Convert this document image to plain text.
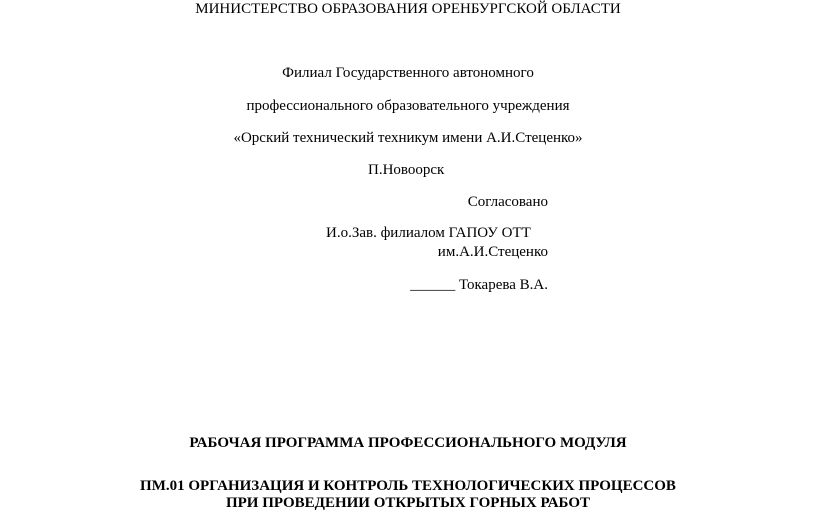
МИНИСТЕРСТВО ОБРАЗОВАНИЯ ОРЕНБУРГСКОЙ ОБЛАСТИ
Филиал Государственного автономного
профессионального образовательного учреждения
«Орский технический техникум имени А.И.Стеценко»
П.Новоорск
Согласовано
И.о.Зав. филиалом ГАПОУ ОТТ
им.А.И.Стеценко
______ Токарева В.А.
РАБОЧАЯ ПРОГРАММА ПРОФЕССИОНАЛЬНОГО МОДУЛЯ
ПМ.01 ОРГАНИЗАЦИЯ И КОНТРОЛЬ ТЕХНОЛОГИЧЕСКИХ ПРОЦЕССОВ
ПРИ ПРОВЕДЕНИИ ОТКРЫТЫХ ГОРНЫХ РАБОТ
